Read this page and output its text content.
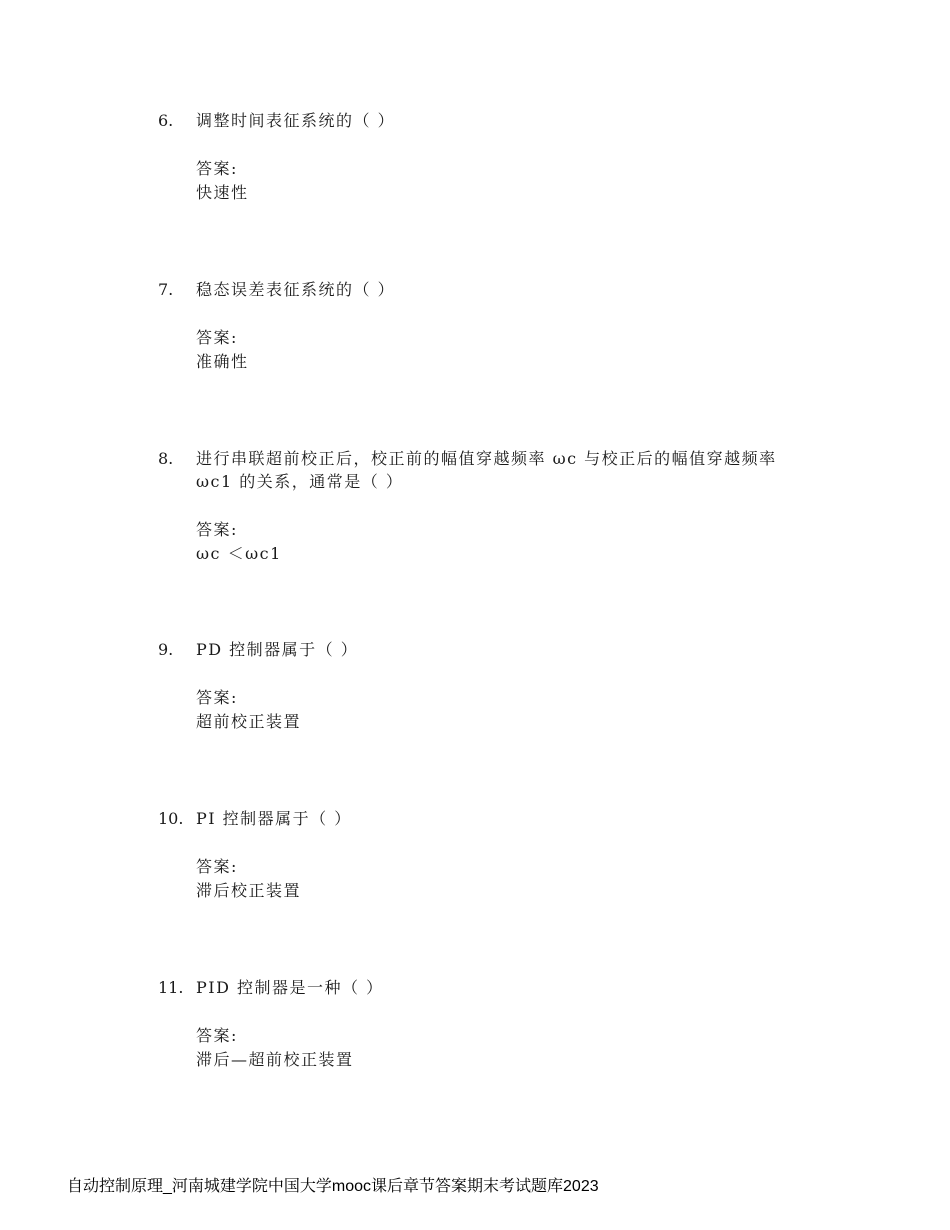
6.	调整时间表征系统的（ ）
答案:
快速性
7.	稳态误差表征系统的（ ）
答案:
准确性
8.	进行串联超前校正后，校正前的幅值穿越频率 ωc 与校正后的幅值穿越频率 ωc1 的关系，通常是（ ）
答案:
ωc ＜ωc1
9.	PD 控制器属于（ ）
答案:
超前校正装置
10. PI 控制器属于（ ）
答案:
滞后校正装置
11. PID 控制器是一种（ ）
答案:
滞后—超前校正装置
自动控制原理_河南城建学院中国大学mooc课后章节答案期末考试题库2023
